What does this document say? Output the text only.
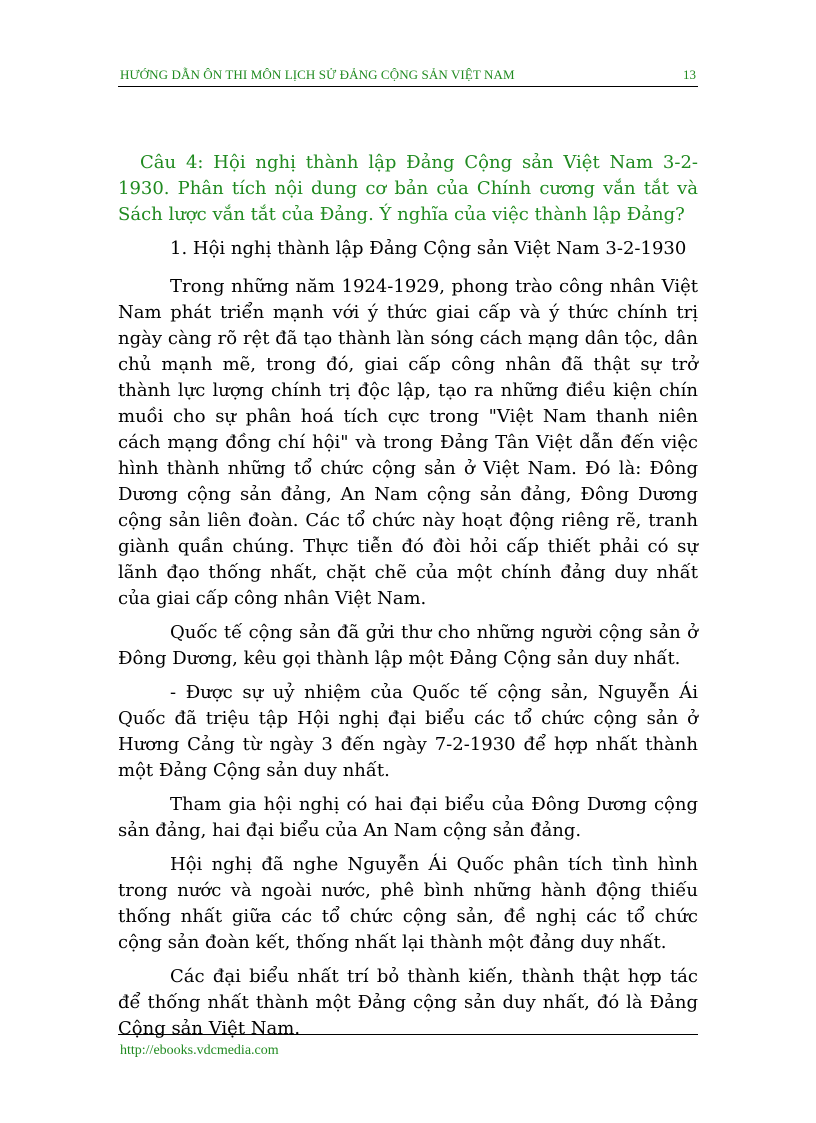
HƯỚNG DẪN ÔN THI MÔN LỊCH SỬ ĐẢNG CỘNG SẢN VIỆT NAM	13

Câu 4: Hội nghị thành lập Đảng Cộng sản Việt Nam 3-2-1930. Phân tích nội dung cơ bản của Chính cương vắn tắt và Sách lược vắn tắt của Đảng. Ý nghĩa của việc thành lập Đảng?

1. Hội nghị thành lập Đảng Cộng sản Việt Nam 3-2-1930

Trong những năm 1924-1929, phong trào công nhân Việt Nam phát triển mạnh với ý thức giai cấp và ý thức chính trị ngày càng rõ rệt đã tạo thành làn sóng cách mạng dân tộc, dân chủ mạnh mẽ, trong đó, giai cấp công nhân đã thật sự trở thành lực lượng chính trị độc lập, tạo ra những điều kiện chín muồi cho sự phân hoá tích cực trong "Việt Nam thanh niên cách mạng đồng chí hội" và trong Đảng Tân Việt dẫn đến việc hình thành những tổ chức cộng sản ở Việt Nam. Đó là: Đông Dương cộng sản đảng, An Nam cộng sản đảng, Đông Dương cộng sản liên đoàn. Các tổ chức này hoạt động riêng rẽ, tranh giành quần chúng. Thực tiễn đó đòi hỏi cấp thiết phải có sự lãnh đạo thống nhất, chặt chẽ của một chính đảng duy nhất của giai cấp công nhân Việt Nam.

Quốc tế cộng sản đã gửi thư cho những người cộng sản ở Đông Dương, kêu gọi thành lập một Đảng Cộng sản duy nhất.

- Được sự uỷ nhiệm của Quốc tế cộng sản, Nguyễn Ái Quốc đã triệu tập Hội nghị đại biểu các tổ chức cộng sản ở Hương Cảng từ ngày 3 đến ngày 7-2-1930 để hợp nhất thành một Đảng Cộng sản duy nhất.

Tham gia hội nghị có hai đại biểu của Đông Dương cộng sản đảng, hai đại biểu của An Nam cộng sản đảng.

Hội nghị đã nghe Nguyễn Ái Quốc phân tích tình hình trong nước và ngoài nước, phê bình những hành động thiếu thống nhất giữa các tổ chức cộng sản, đề nghị các tổ chức cộng sản đoàn kết, thống nhất lại thành một đảng duy nhất.

Các đại biểu nhất trí bỏ thành kiến, thành thật hợp tác để thống nhất thành một Đảng cộng sản duy nhất, đó là Đảng Cộng sản Việt Nam.

http://ebooks.vdcmedia.com
